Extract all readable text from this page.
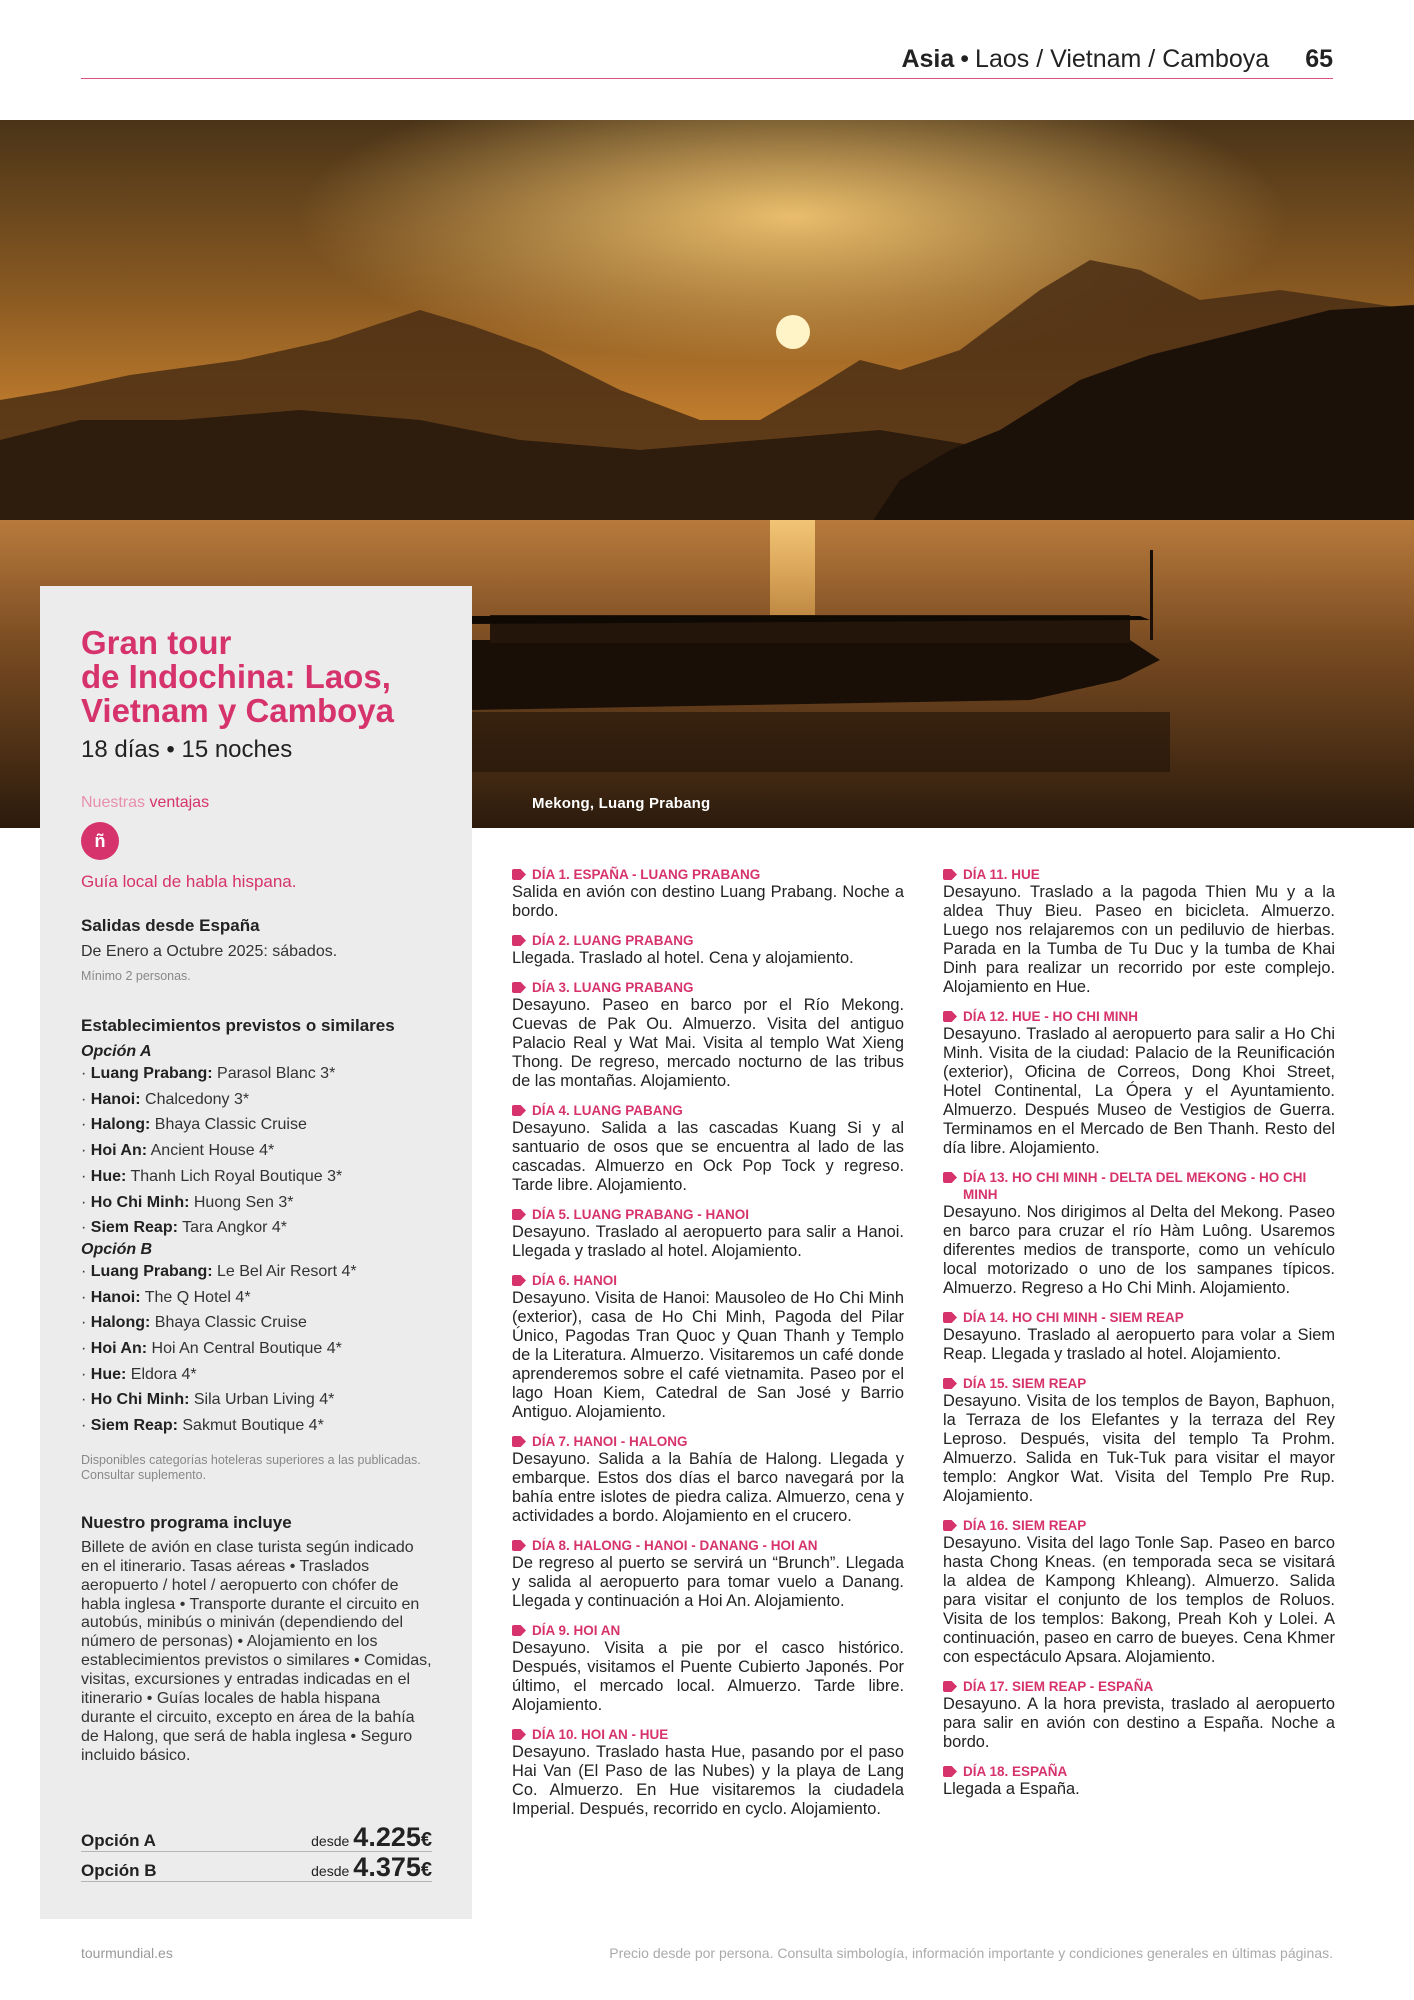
Asia • Laos / Vietnam / Camboya 65
Mekong, Luang Prabang
Gran tour
de Indochina: Laos,
Vietnam y Camboya
18 días • 15 noches
Nuestras ventajas
ñ
Guía local de habla hispana.
Salidas desde España
De Enero a Octubre 2025: sábados.
Mínimo 2 personas.
Establecimientos previstos o similares
Opción A
· Luang Prabang: Parasol Blanc 3*
· Hanoi: Chalcedony 3*
· Halong: Bhaya Classic Cruise
· Hoi An: Ancient House 4*
· Hue: Thanh Lich Royal Boutique 3*
· Ho Chi Minh: Huong Sen 3*
· Siem Reap: Tara Angkor 4*
Opción B
· Luang Prabang: Le Bel Air Resort 4*
· Hanoi: The Q Hotel 4*
· Halong: Bhaya Classic Cruise
· Hoi An: Hoi An Central Boutique 4*
· Hue: Eldora 4*
· Ho Chi Minh: Sila Urban Living 4*
· Siem Reap: Sakmut Boutique 4*
Disponibles categorías hoteleras superiores a las publicadas. Consultar suplemento.
Nuestro programa incluye
Billete de avión en clase turista según indicado en el itinerario. Tasas aéreas • Traslados aeropuerto / hotel / aeropuerto con chófer de habla inglesa • Transporte durante el circuito en autobús, minibús o miniván (dependiendo del número de personas) • Alojamiento en los establecimientos previstos o similares • Comidas, visitas, excursiones y entradas indicadas en el itinerario • Guías locales de habla hispana durante el circuito, excepto en área de la bahía de Halong, que será de habla inglesa • Seguro incluido básico.
Opción A	desde 4.225 €
Opción B	desde 4.375 €
DÍA 1. ESPAÑA - LUANG PRABANG
Salida en avión con destino Luang Prabang. Noche a bordo.
DÍA 2. LUANG PRABANG
Llegada. Traslado al hotel. Cena y alojamiento.
DÍA 3. LUANG PRABANG
Desayuno. Paseo en barco por el Río Mekong. Cuevas de Pak Ou. Almuerzo. Visita del antiguo Palacio Real y Wat Mai. Visita al templo Wat Xieng Thong. De regreso, mercado nocturno de las tribus de las montañas. Alojamiento.
DÍA 4. LUANG PABANG
Desayuno. Salida a las cascadas Kuang Si y al santuario de osos que se encuentra al lado de las cascadas. Almuerzo en Ock Pop Tock y regreso. Tarde libre. Alojamiento.
DÍA 5. LUANG PRABANG - HANOI
Desayuno. Traslado al aeropuerto para salir a Hanoi. Llegada y traslado al hotel. Alojamiento.
DÍA 6. HANOI
Desayuno. Visita de Hanoi: Mausoleo de Ho Chi Minh (exterior), casa de Ho Chi Minh, Pagoda del Pilar Único, Pagodas Tran Quoc y Quan Thanh y Templo de la Literatura. Almuerzo. Visitaremos un café donde aprenderemos sobre el café vietnamita. Paseo por el lago Hoan Kiem, Catedral de San José y Barrio Antiguo. Alojamiento.
DÍA 7. HANOI - HALONG
Desayuno. Salida a la Bahía de Halong. Llegada y embarque. Estos dos días el barco navegará por la bahía entre islotes de piedra caliza. Almuerzo, cena y actividades a bordo. Alojamiento en el crucero.
DÍA 8. HALONG - HANOI - DANANG - HOI AN
De regreso al puerto se servirá un “Brunch”. Llegada y salida al aeropuerto para tomar vuelo a Danang. Llegada y continuación a Hoi An. Alojamiento.
DÍA 9. HOI AN
Desayuno. Visita a pie por el casco histórico. Después, visitamos el Puente Cubierto Japonés. Por último, el mercado local. Almuerzo. Tarde libre. Alojamiento.
DÍA 10. HOI AN - HUE
Desayuno. Traslado hasta Hue, pasando por el paso Hai Van (El Paso de las Nubes) y la playa de Lang Co. Almuerzo. En Hue visitaremos la ciudadela Imperial. Después, recorrido en cyclo. Alojamiento.
DÍA 11. HUE
Desayuno. Traslado a la pagoda Thien Mu y a la aldea Thuy Bieu. Paseo en bicicleta. Almuerzo. Luego nos relajaremos con un pediluvio de hierbas. Parada en la Tumba de Tu Duc y la tumba de Khai Dinh para realizar un recorrido por este complejo. Alojamiento en Hue.
DÍA 12. HUE - HO CHI MINH
Desayuno. Traslado al aeropuerto para salir a Ho Chi Minh. Visita de la ciudad: Palacio de la Reunificación (exterior), Oficina de Correos, Dong Khoi Street, Hotel Continental, La Ópera y el Ayuntamiento. Almuerzo. Después Museo de Vestigios de Guerra. Terminamos en el Mercado de Ben Thanh. Resto del día libre. Alojamiento.
DÍA 13. HO CHI MINH - DELTA DEL MEKONG - HO CHI MINH
Desayuno. Nos dirigimos al Delta del Mekong. Paseo en barco para cruzar el río Hàm Luông. Usaremos diferentes medios de transporte, como un vehículo local motorizado o uno de los sampanes típicos. Almuerzo. Regreso a Ho Chi Minh. Alojamiento.
DÍA 14. HO CHI MINH - SIEM REAP
Desayuno. Traslado al aeropuerto para volar a Siem Reap. Llegada y traslado al hotel. Alojamiento.
DÍA 15. SIEM REAP
Desayuno. Visita de los templos de Bayon, Baphuon, la Terraza de los Elefantes y la terraza del Rey Leproso. Después, visita del templo Ta Prohm. Almuerzo. Salida en Tuk-Tuk para visitar el mayor templo: Angkor Wat. Visita del Templo Pre Rup. Alojamiento.
DÍA 16. SIEM REAP
Desayuno. Visita del lago Tonle Sap. Paseo en barco hasta Chong Kneas. (en temporada seca se visitará la aldea de Kampong Khleang). Almuerzo. Salida para visitar el conjunto de los templos de Roluos. Visita de los templos: Bakong, Preah Koh y Lolei. A continuación, paseo en carro de bueyes. Cena Khmer con espectáculo Apsara. Alojamiento.
DÍA 17. SIEM REAP - ESPAÑA
Desayuno. A la hora prevista, traslado al aeropuerto para salir en avión con destino a España. Noche a bordo.
DÍA 18. ESPAÑA
Llegada a España.
tourmundial.es	Precio desde por persona. Consulta simbología, información importante y condiciones generales en últimas páginas.
